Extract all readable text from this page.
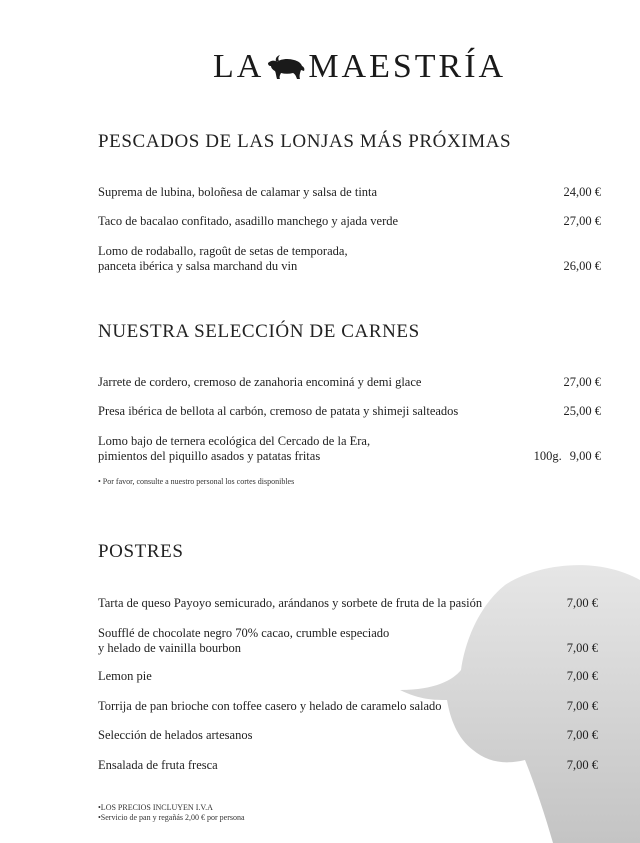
LA MAESTRÍA
PESCADOS DE LAS LONJAS MÁS PRÓXIMAS
Suprema de lubina, boloñesa de calamar y salsa de tinta	24,00 €
Taco de bacalao confitado, asadillo manchego y ajada verde	27,00 €
Lomo de rodaballo, ragoût de setas de temporada,
panceta ibérica y salsa marchand du vin	26,00 €
NUESTRA SELECCIÓN DE CARNES
Jarrete de cordero, cremoso de zanahoria encominá y demi glace	27,00 €
Presa ibérica de bellota al carbón, cremoso de patata y shimeji salteados	25,00 €
Lomo bajo de ternera ecológica del Cercado de la Era,
pimientos del piquillo asados y patatas fritas	100g. 9,00 €
• Por favor, consulte a nuestro personal los cortes disponibles
POSTRES
Tarta de queso Payoyo semicurado, arándanos y sorbete de fruta de la pasión	7,00 €
Soufflé de chocolate negro 70% cacao, crumble especiado
y helado de vainilla bourbon	7,00 €
Lemon pie	7,00 €
Torrija de pan brioche con toffee casero y helado de caramelo salado	7,00 €
Selección de helados artesanos	7,00 €
Ensalada de fruta fresca	7,00 €
•LOS PRECIOS INCLUYEN I.V.A
•Servicio de pan y regañás 2,00 € por persona
